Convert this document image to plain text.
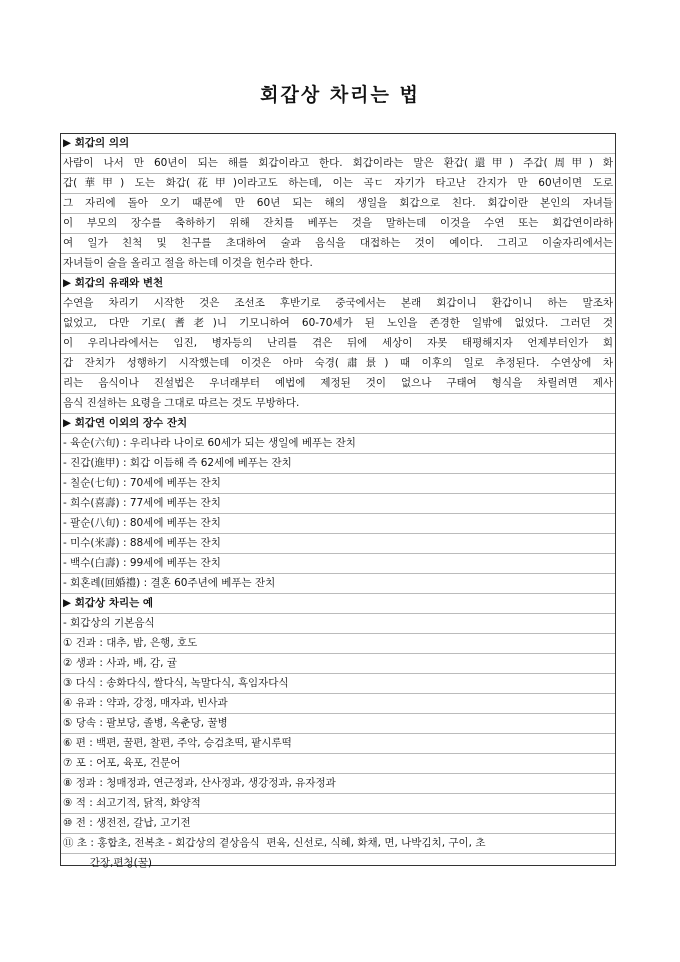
회갑상 차리는 법
▶ 회갑의 의의
사람이 나서 만 60년이 되는 해를 회갑이라고 한다. 회갑이라는 말은 환갑(還甲) 주갑(周甲) 화
갑(華甲) 도는 화갑(花甲)이라고도 하는데, 이는 곡ㄷ 자기가 타고난 간지가 만 60년이면 도로
그 자리에 돌아 오기 때문에 만 60년 되는 해의 생일을 회갑으로 친다. 회갑이란 본인의 자녀들
이 부모의 장수를 축하하기 위해 잔치를 베푸는 것을 말하는데 이것을 수연 또는 회갑연이라하
여 일가 친척 및 친구를 초대하여 술과 음식을 대접하는 것이 예이다. 그리고 이술자리에서는
자녀들이 술을 올리고 절을 하는데 이것을 헌수라 한다.
▶ 회갑의 유래와 변천
수연을 차리기 시작한 것은 조선조 후반기로 중국에서는 본래 회갑이니 환갑이니 하는 말조차
없었고, 다만 기로(耆老)니 기모니하여 60-70세가 된 노인을 존경한 일밖에 없었다. 그러던 것
이 우리나라에서는 임진, 병자등의 난리를 겪은 뒤에 세상이 자못 태평해지자 언제부터인가 회
갑 잔치가 성행하기 시작했는데 이것은 아마 숙경(肅景) 때 이후의 일로 추정된다. 수연상에 차
리는 음식이나 진설법은 우너래부터 예법에 제정된 것이 없으나 구태여 형식을 차릴려면 제사
음식 진설하는 요령을 그대로 따르는 것도 무방하다.
▶ 회갑연 이외의 장수 잔치
- 육순(六旬) : 우리나라 나이로 60세가 되는 생일에 베푸는 잔치
- 진갑(進甲) : 회갑 이듬해 즉 62세에 베푸는 잔치
- 칠순(七旬) : 70세에 베푸는 잔치
- 희수(喜壽) : 77세에 베푸는 잔치
- 팔순(八旬) : 80세에 베푸는 잔치
- 미수(米壽) : 88세에 베푸는 잔치
- 백수(白壽) : 99세에 베푸는 잔치
- 회혼례(回婚禮) : 결혼 60주년에 베푸는 잔치
▶ 회갑상 차리는 예
- 회갑상의 기본음식
① 건과 : 대추, 밤, 은행, 호도
② 생과 : 사과, 배, 감, 귤
③ 다식 : 송화다식, 쌀다식, 녹말다식, 흑임자다식
④ 유과 : 약과, 강정, 매자과, 빈사과
⑤ 당속 : 팔보당, 졸병, 옥춘당, 꿀병
⑥ 편 : 백편, 꿀편, 찰편, 주악, 승검초떡, 팥시루떡
⑦ 포 : 어포, 육포, 건문어
⑧ 정과 : 청매정과, 연근정과, 산사정과, 생강정과, 유자정과
⑨ 적 : 쇠고기적, 닭적, 화양적
⑩ 전 : 생전전, 갈납, 고기전
⑪ 초 : 홍합초, 전복초 - 회갑상의 곁상음식  편육, 신선로, 식혜, 화채, 면, 나박김치, 구이, 초
간장,편청(꿀)
